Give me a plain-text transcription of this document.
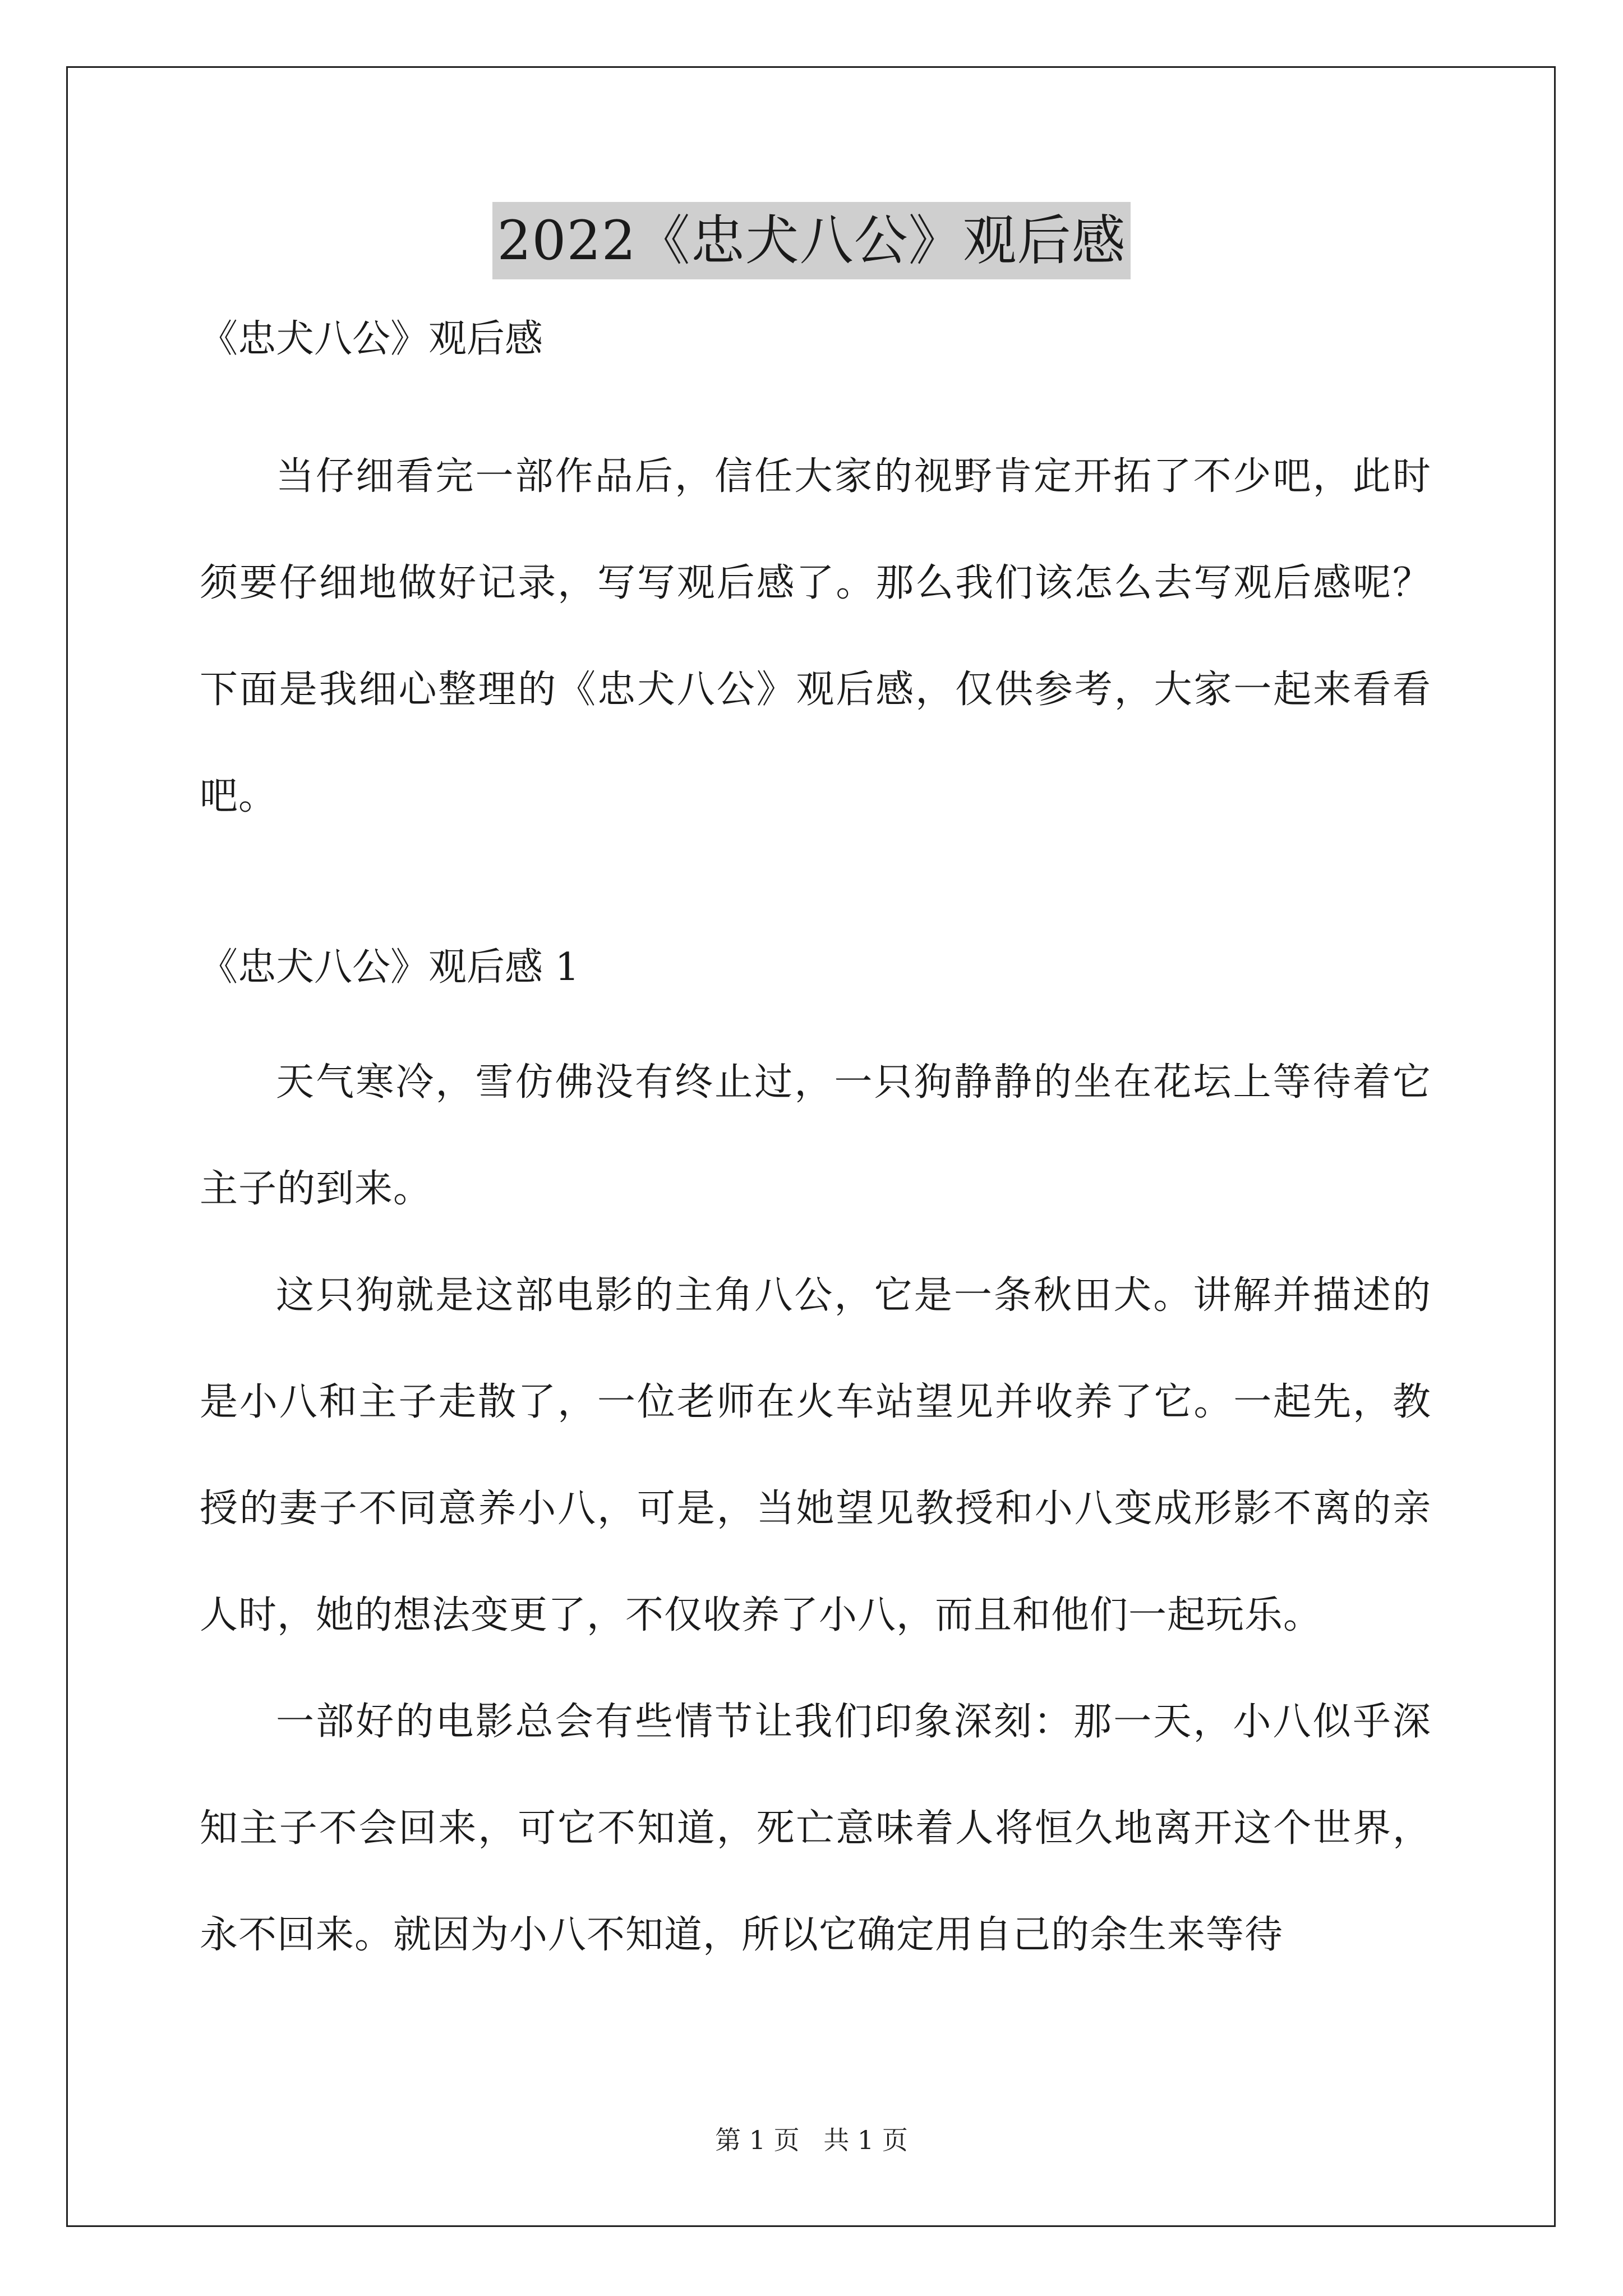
2022《忠犬八公》观后感

《忠犬八公》观后感

当仔细看完一部作品后，信任大家的视野肯定开拓了不少吧，此时须要仔细地做好记录，写写观后感了。那么我们该怎么去写观后感呢？下面是我细心整理的《忠犬八公》观后感，仅供参考，大家一起来看看吧。

《忠犬八公》观后感 1

天气寒冷，雪仿佛没有终止过，一只狗静静的坐在花坛上等待着它主子的到来。

这只狗就是这部电影的主角八公，它是一条秋田犬。讲解并描述的是小八和主子走散了，一位老师在火车站望见并收养了它。一起先，教授的妻子不同意养小八，可是，当她望见教授和小八变成形影不离的亲人时，她的想法变更了，不仅收养了小八，而且和他们一起玩乐。

一部好的电影总会有些情节让我们印象深刻：那一天，小八似乎深知主子不会回来，可它不知道，死亡意味着人将恒久地离开这个世界，永不回来。就因为小八不知道，所以它确定用自己的余生来等待

第 1 页 共 1 页
